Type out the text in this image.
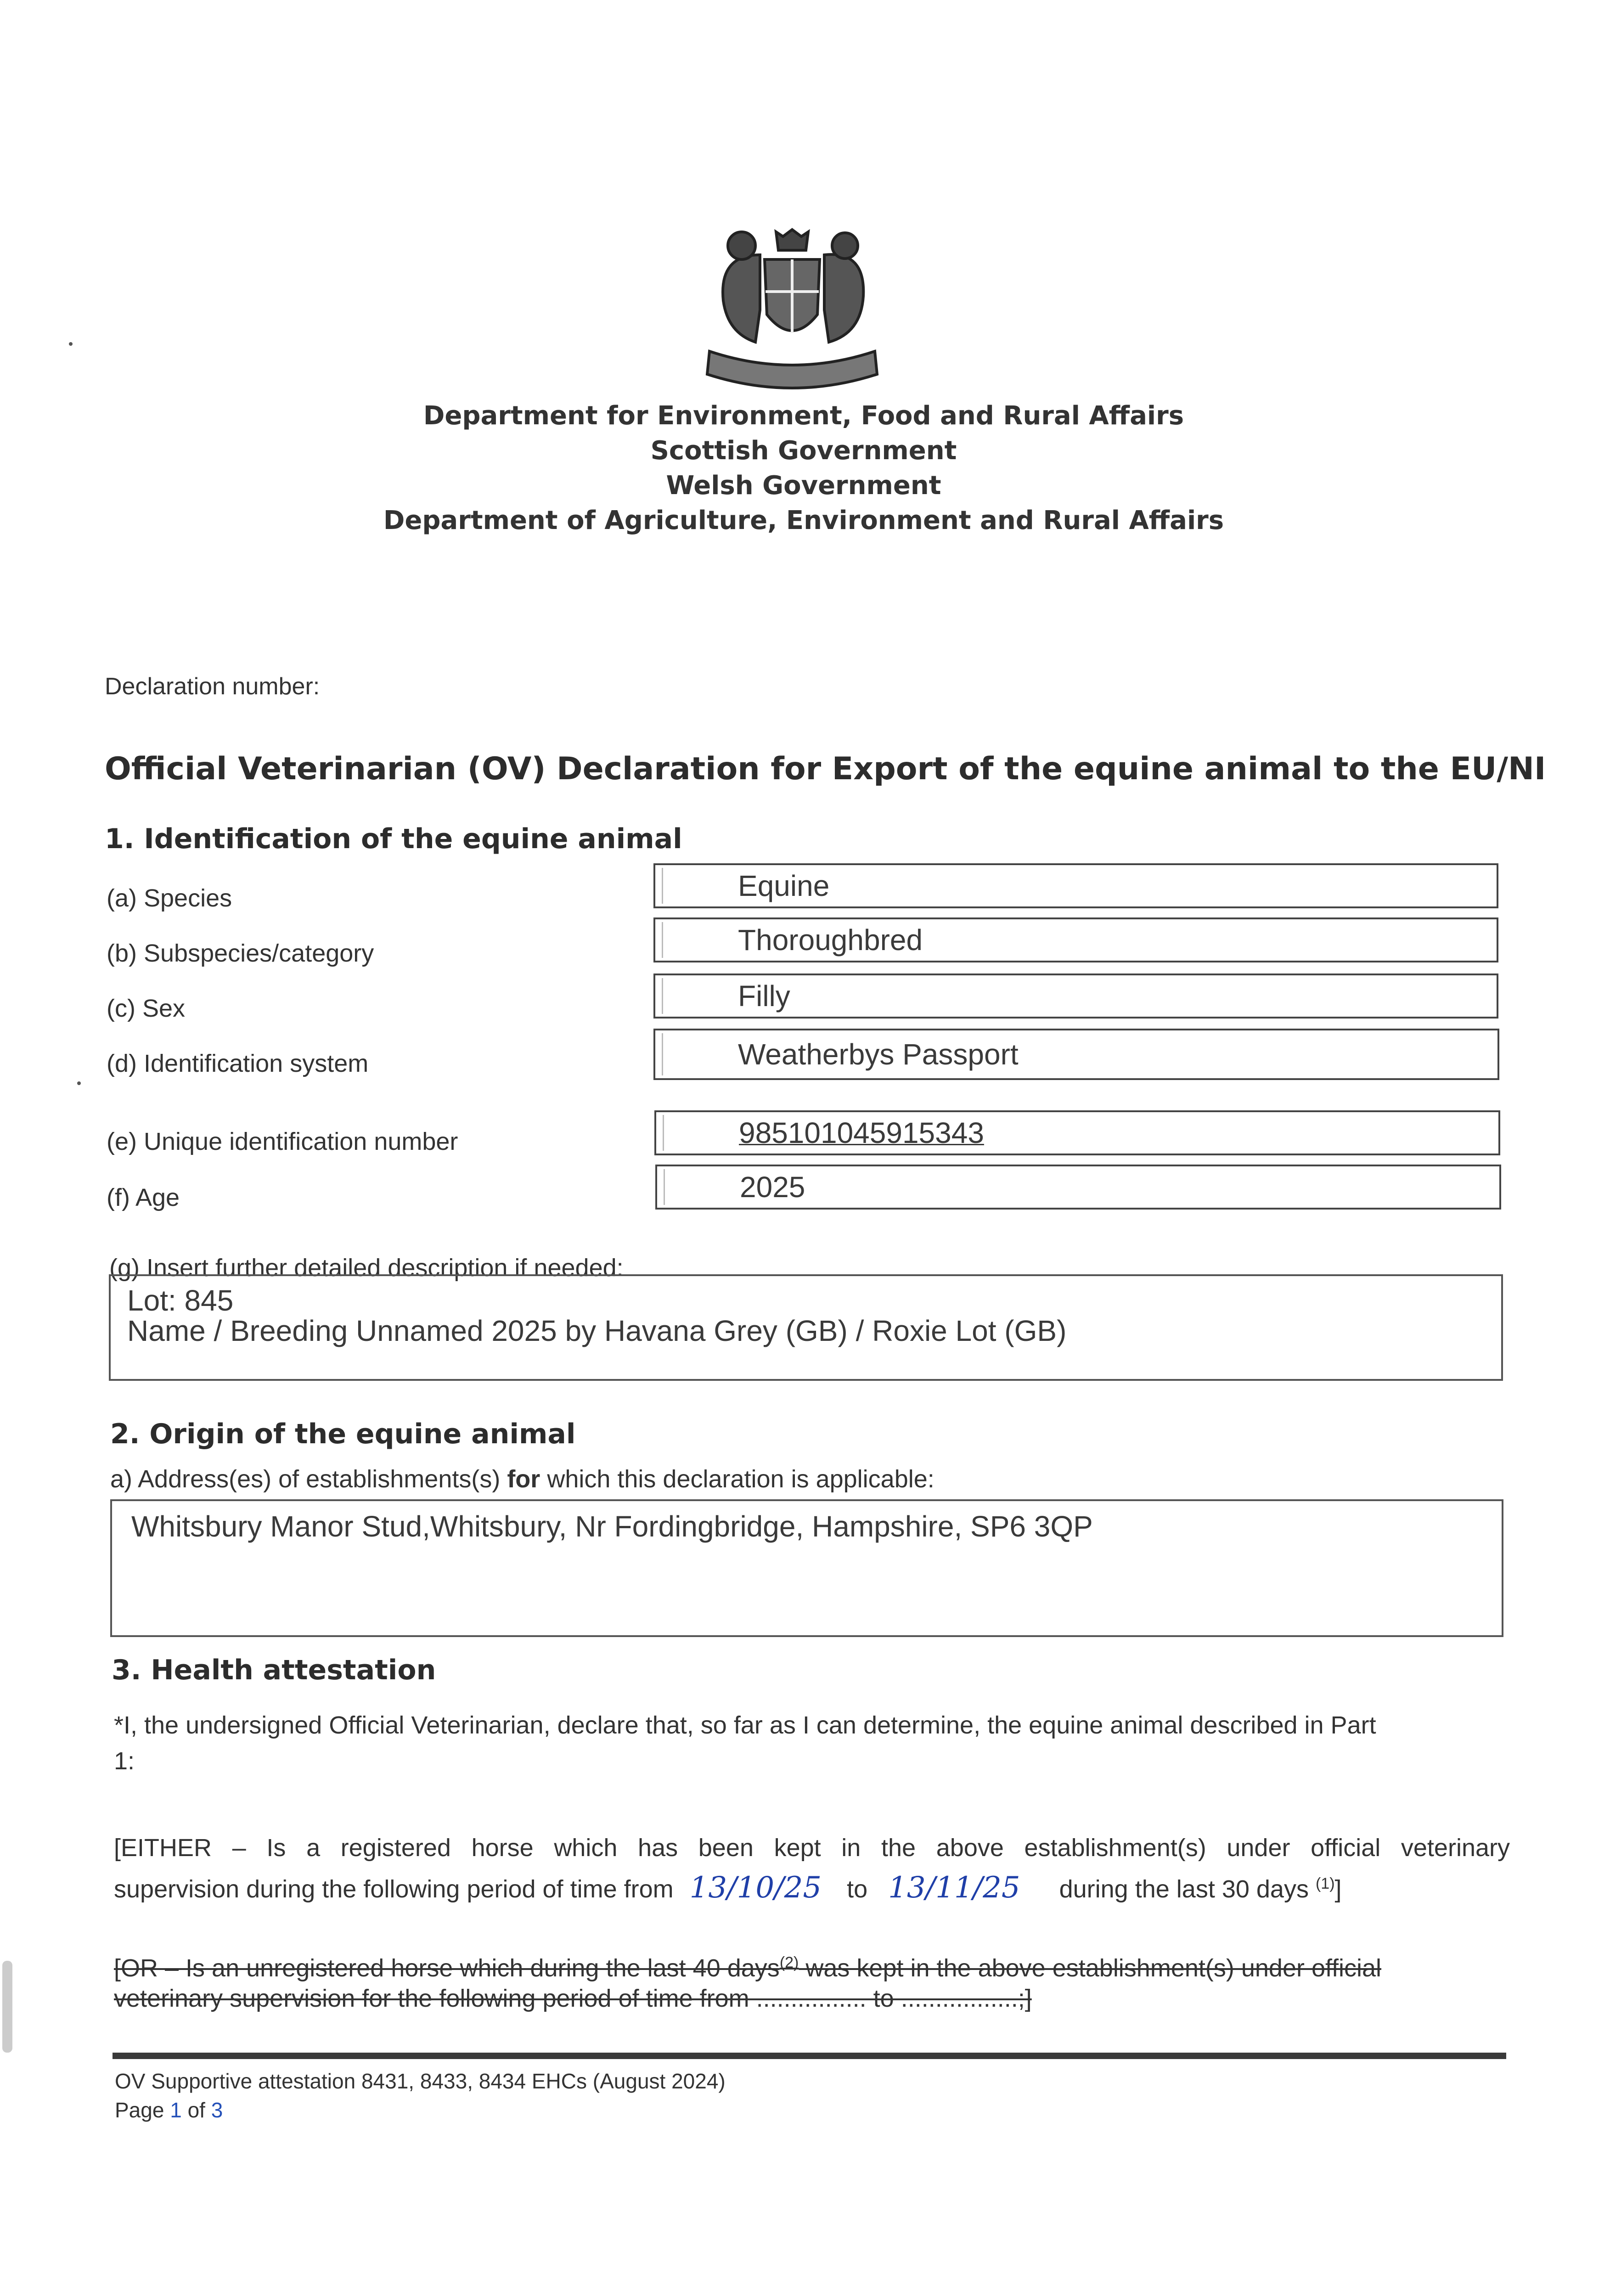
Department for Environment, Food and Rural Affairs
Scottish Government
Welsh Government
Department of Agriculture, Environment and Rural Affairs
Declaration number:
Official Veterinarian (OV) Declaration for Export of the equine animal to the EU/NI
1. Identification of the equine animal
(a) Species	Equine
(b) Subspecies/category	Thoroughbred
(c) Sex	Filly
(d) Identification system	Weatherbys Passport
(e) Unique identification number	985101045915343
(f) Age	2025
(g) Insert further detailed description if needed:
Lot: 845
Name / Breeding Unnamed 2025 by Havana Grey (GB) / Roxie Lot (GB)
2. Origin of the equine animal
a) Address(es) of establishments(s) for which this declaration is applicable:
Whitsbury Manor Stud,Whitsbury, Nr Fordingbridge, Hampshire, SP6 3QP
3. Health attestation
*I, the undersigned Official Veterinarian, declare that, so far as I can determine, the equine animal described in Part
1:
[EITHER – Is a registered horse which has been kept in the above establishment(s) under official veterinary
supervision during the following period of time from 13/10/25 to 13/11/25 during the last 30 days $^{(1)}$]
[OR – Is an unregistered horse which during the last 40 days$^{(2)}$ was kept in the above establishment(s) under official
veterinary supervision for the following period of time from ................ to .................;]
OV Supportive attestation 8431, 8433, 8434 EHCs (August 2024)
Page 1 of 3
